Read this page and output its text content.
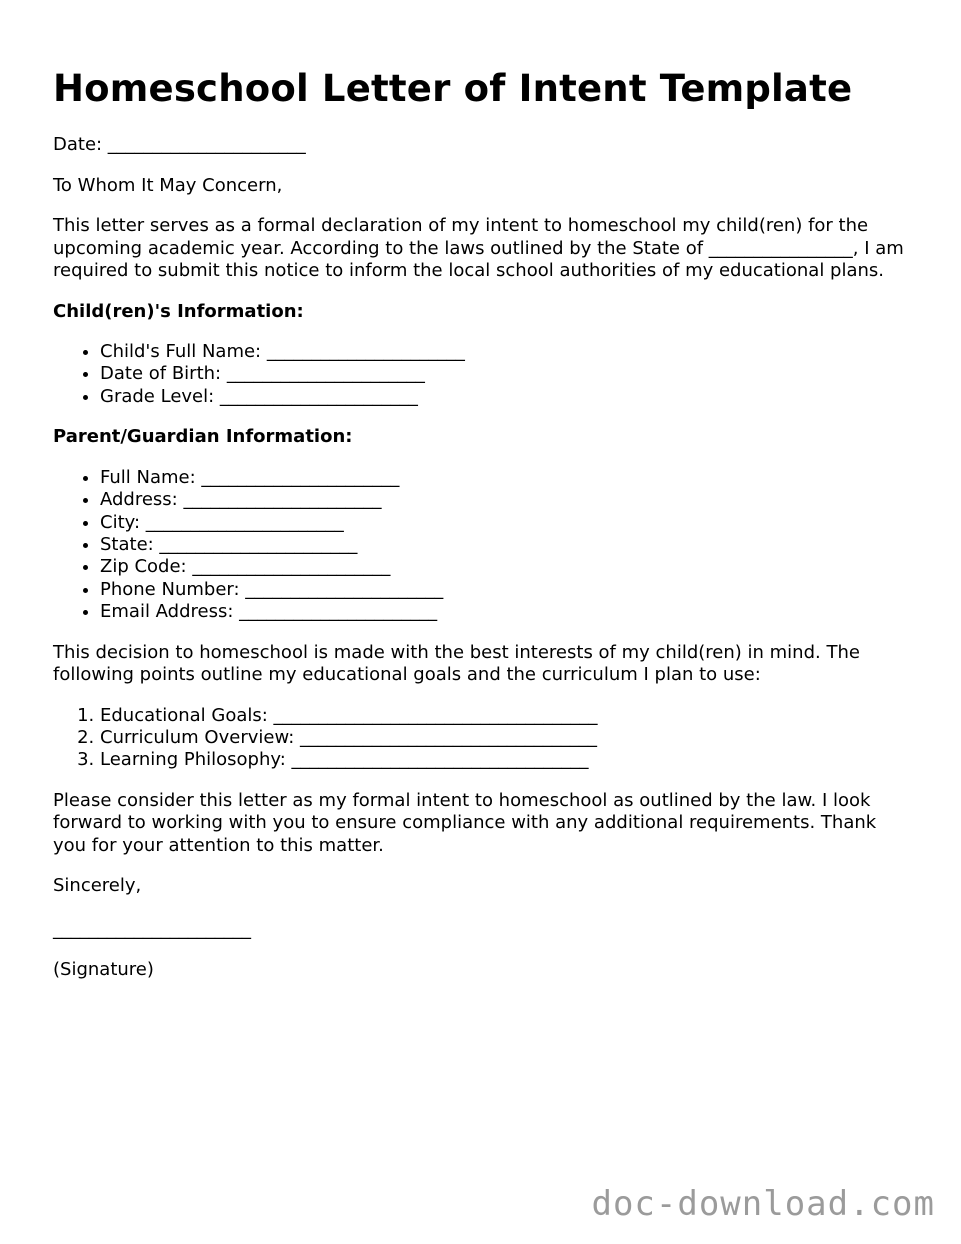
Homeschool Letter of Intent Template

Date: ______________________

To Whom It May Concern,

This letter serves as a formal declaration of my intent to homeschool my child(ren) for the upcoming academic year. According to the laws outlined by the State of ________________, I am required to submit this notice to inform the local school authorities of my educational plans.

Child(ren)'s Information:
• Child's Full Name: ______________________
• Date of Birth: ______________________
• Grade Level: ______________________
Parent/Guardian Information:
• Full Name: ______________________
• Address: ______________________
• City: ______________________
• State: ______________________
• Zip Code: ______________________
• Phone Number: ______________________
• Email Address: ______________________

This decision to homeschool is made with the best interests of my child(ren) in mind. The following points outline my educational goals and the curriculum I plan to use:

1. Educational Goals: ____________________________________
2. Curriculum Overview: _________________________________
3. Learning Philosophy: _________________________________

Please consider this letter as my formal intent to homeschool as outlined by the law. I look forward to working with you to ensure compliance with any additional requirements. Thank you for your attention to this matter.

Sincerely,

______________________

(Signature)

doc-download.com
